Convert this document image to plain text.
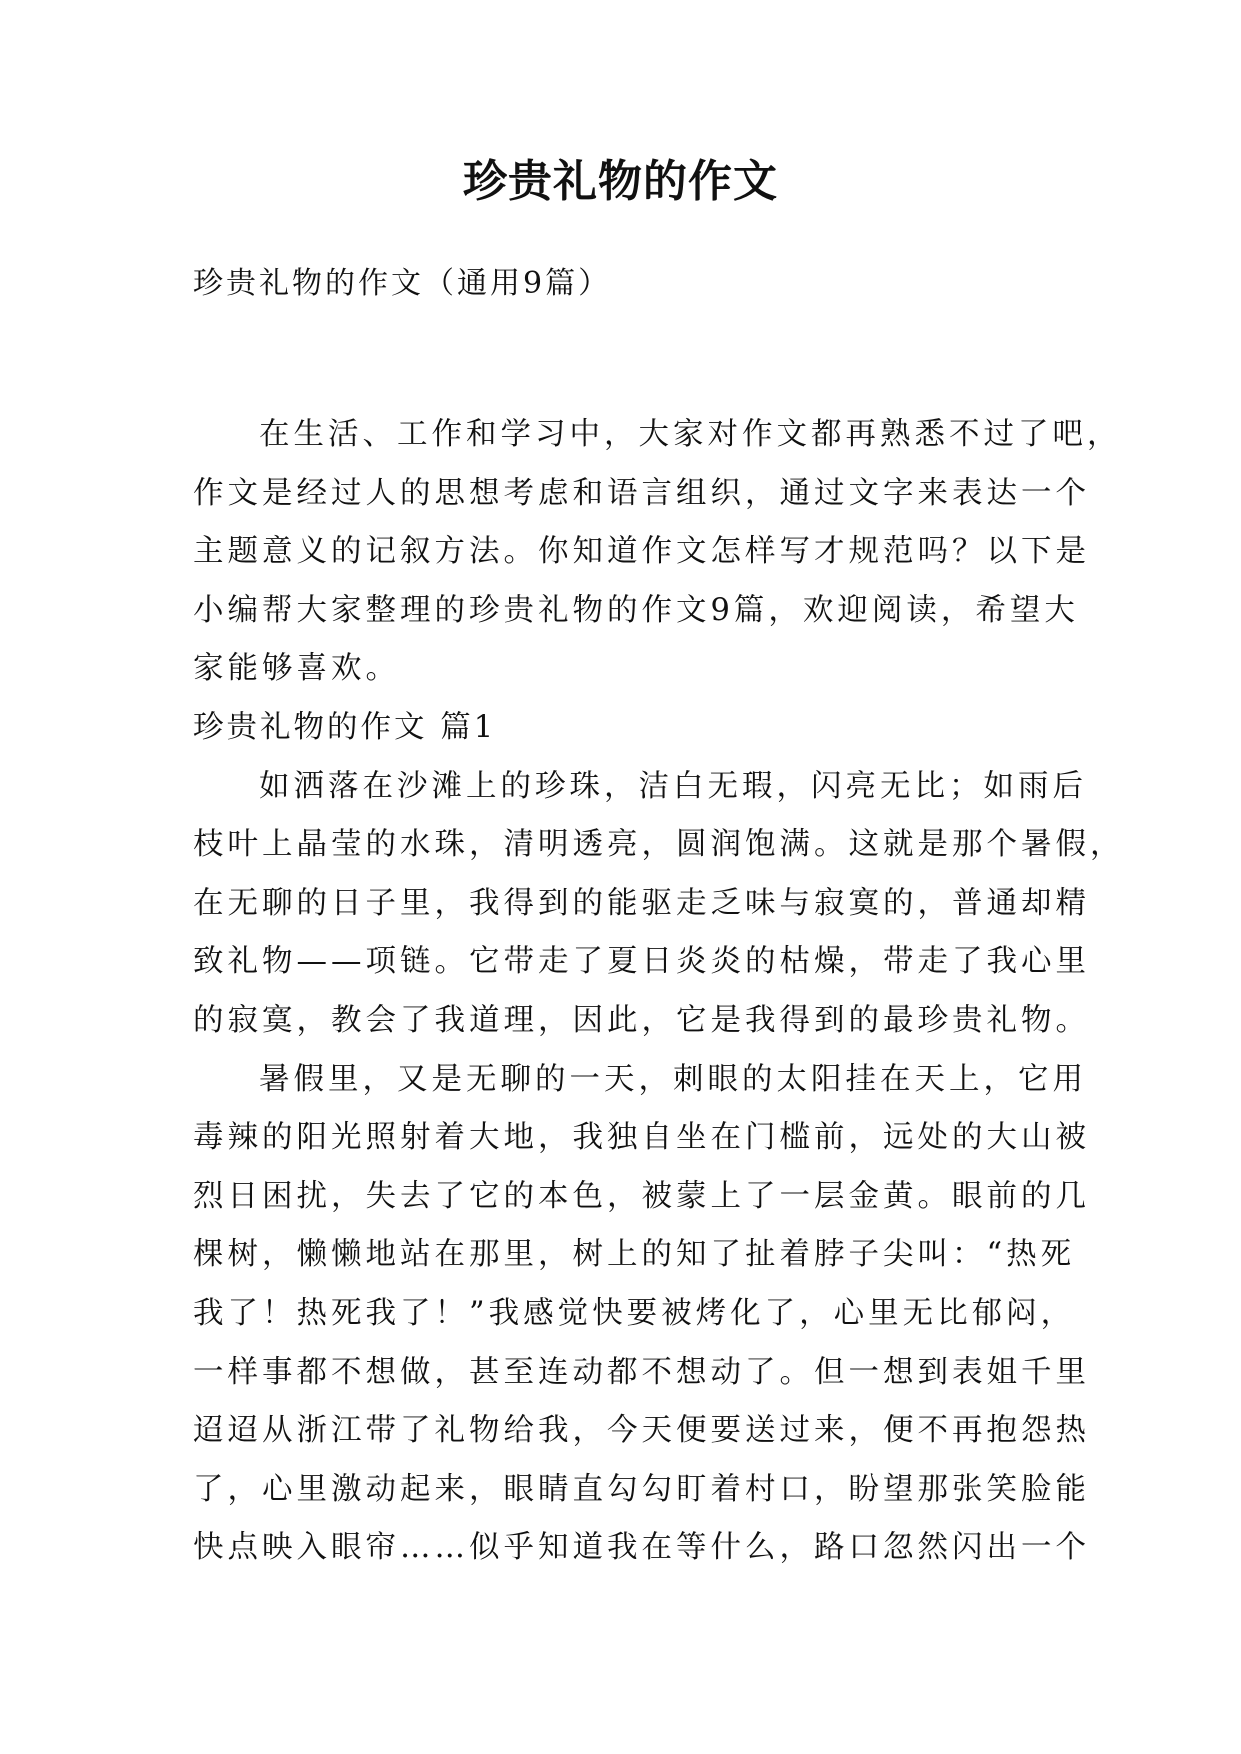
珍贵礼物的作文
珍贵礼物的作文（通用9篇）
在生活、工作和学习中，大家对作文都再熟悉不过了吧，
作文是经过人的思想考虑和语言组织，通过文字来表达一个
主题意义的记叙方法。你知道作文怎样写才规范吗？以下是
小编帮大家整理的珍贵礼物的作文9篇，欢迎阅读，希望大
家能够喜欢。
珍贵礼物的作文 篇1
如洒落在沙滩上的珍珠，洁白无瑕，闪亮无比；如雨后
枝叶上晶莹的水珠，清明透亮，圆润饱满。这就是那个暑假，
在无聊的日子里，我得到的能驱走乏味与寂寞的，普通却精
致礼物——项链。它带走了夏日炎炎的枯燥，带走了我心里
的寂寞，教会了我道理，因此，它是我得到的最珍贵礼物。
暑假里，又是无聊的一天，刺眼的太阳挂在天上，它用
毒辣的阳光照射着大地，我独自坐在门槛前，远处的大山被
烈日困扰，失去了它的本色，被蒙上了一层金黄。眼前的几
棵树，懒懒地站在那里，树上的知了扯着脖子尖叫：“热死
我了！热死我了！”我感觉快要被烤化了，心里无比郁闷，
一样事都不想做，甚至连动都不想动了。但一想到表姐千里
迢迢从浙江带了礼物给我，今天便要送过来，便不再抱怨热
了，心里激动起来，眼睛直勾勾盯着村口，盼望那张笑脸能
快点映入眼帘……似乎知道我在等什么，路口忽然闪出一个
